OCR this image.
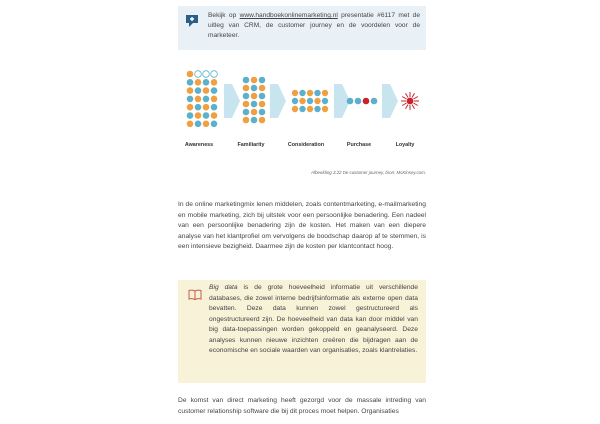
Bekijk op www.handboekonlinemarketing.nl presentatie #6117 met de uitleg van CRM, de customer journey en de voordelen voor de marketeer.
Awareness	Familiarity	Consideration	Purchase	Loyalty
Afbeelding 3.22 De customer journey, bron: McKinsey.com.
In de online marketingmix lenen middelen, zoals contentmarketing, e-mailmarketing en mobile marketing, zich bij uitstek voor een persoonlijke benadering. Een nadeel van een persoonlijke benadering zijn de kosten. Het maken van een diepere analyse van het klantprofiel om vervolgens de boodschap daarop af te stemmen, is een intensieve bezigheid. Daarmee zijn de kosten per klantcontact hoog.
Big data is de grote hoeveelheid informatie uit verschillende databases, die zowel interne bedrijfsinformatie als externe open data bevatten. Deze data kunnen zowel gestructureerd als ongestructureerd zijn. De hoeveelheid van data kan door middel van big data-toepassingen worden gekoppeld en geanalyseerd. Deze analyses kunnen nieuwe inzichten creëren die bijdragen aan de economische en sociale waarden van organisaties, zoals klantrelaties.
De komst van direct marketing heeft gezorgd voor de massale intreding van customer relationship software die bij dit proces moet helpen. Organisaties
